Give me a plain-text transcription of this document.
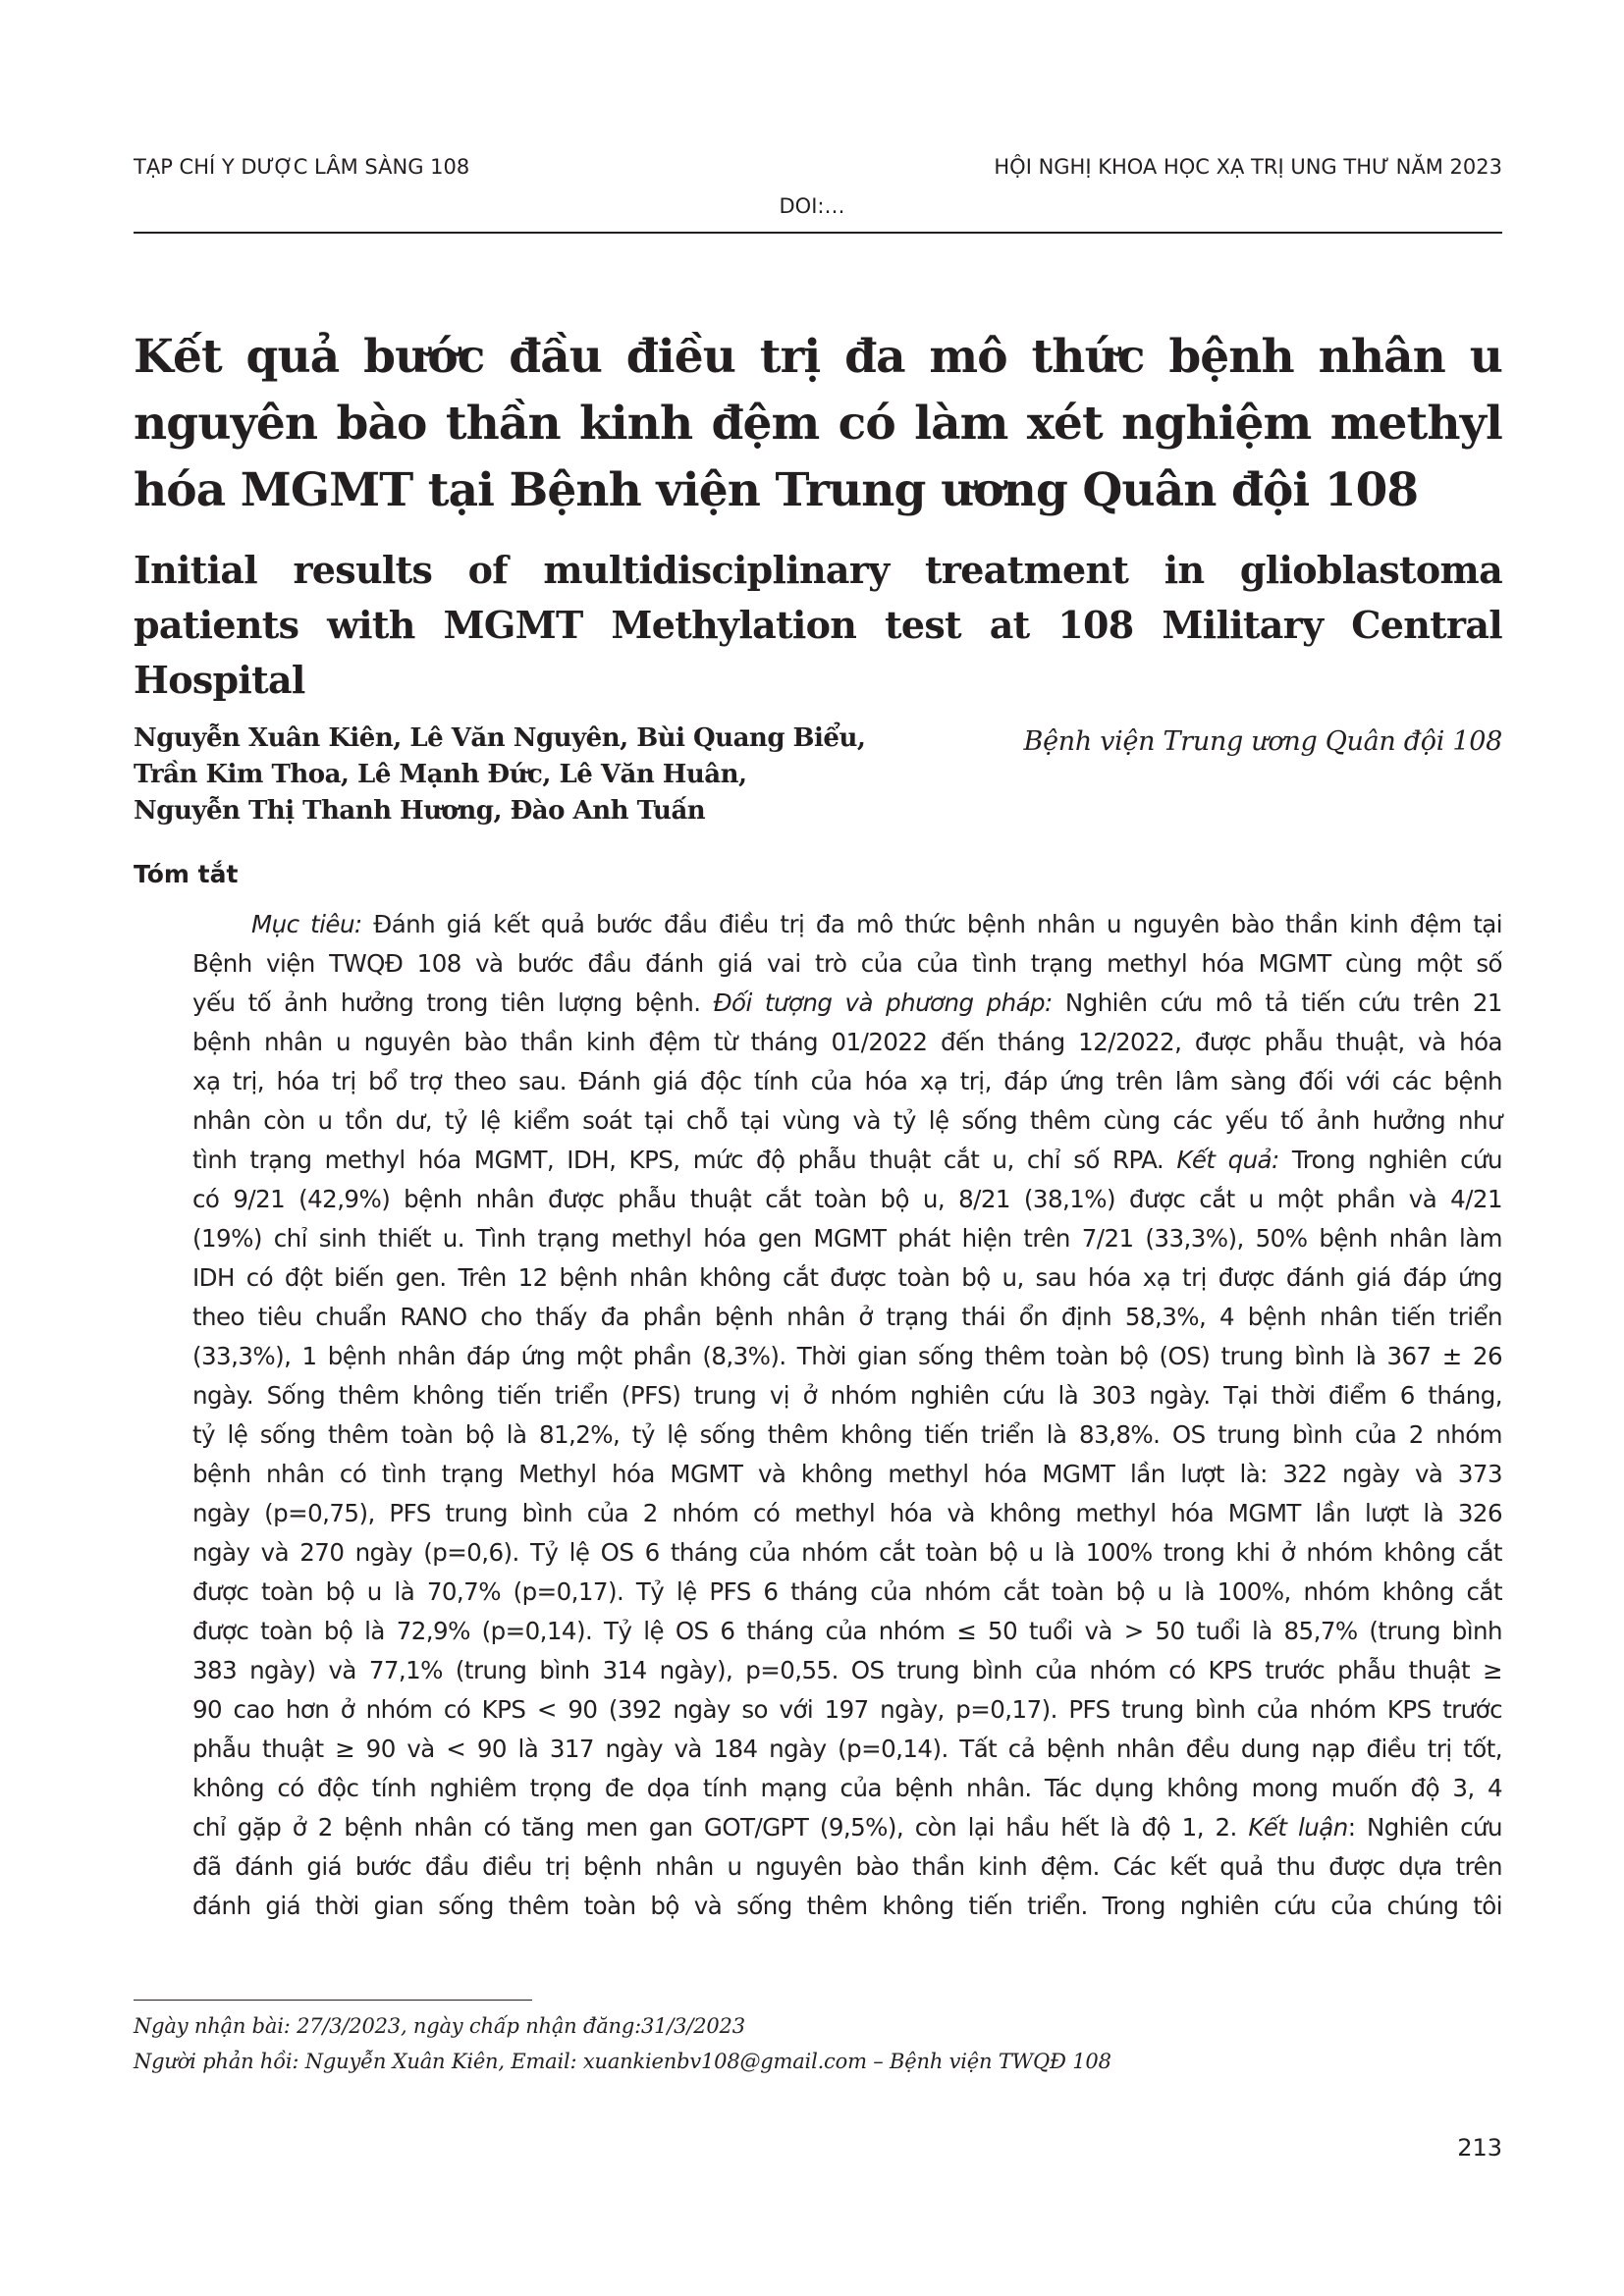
TẠP CHÍ Y DƯỢC LÂM SÀNG 108	HỘI NGHỊ KHOA HỌC XẠ TRỊ UNG THƯ NĂM 2023
DOI:…
Kết quả bước đầu điều trị đa mô thức bệnh nhân u nguyên bào thần kinh đệm có làm xét nghiệm methyl hóa MGMT tại Bệnh viện Trung ương Quân đội 108
Initial results of multidisciplinary treatment in glioblastoma patients with MGMT Methylation test at 108 Military Central Hospital
Nguyễn Xuân Kiên, Lê Văn Nguyên, Bùi Quang Biểu,
Trần Kim Thoa, Lê Mạnh Đức, Lê Văn Huân,
Nguyễn Thị Thanh Hương, Đào Anh Tuấn
Bệnh viện Trung ương Quân đội 108
Tóm tắt
Mục tiêu: Đánh giá kết quả bước đầu điều trị đa mô thức bệnh nhân u nguyên bào thần kinh đệm tại
Bệnh viện TWQĐ 108 và bước đầu đánh giá vai trò của của tình trạng methyl hóa MGMT cùng một số
yếu tố ảnh hưởng trong tiên lượng bệnh. Đối tượng và phương pháp: Nghiên cứu mô tả tiến cứu trên 21
bệnh nhân u nguyên bào thần kinh đệm từ tháng 01/2022 đến tháng 12/2022, được phẫu thuật, và hóa
xạ trị, hóa trị bổ trợ theo sau. Đánh giá độc tính của hóa xạ trị, đáp ứng trên lâm sàng đối với các bệnh
nhân còn u tồn dư, tỷ lệ kiểm soát tại chỗ tại vùng và tỷ lệ sống thêm cùng các yếu tố ảnh hưởng như
tình trạng methyl hóa MGMT, IDH, KPS, mức độ phẫu thuật cắt u, chỉ số RPA. Kết quả: Trong nghiên cứu
có 9/21 (42,9%) bệnh nhân được phẫu thuật cắt toàn bộ u, 8/21 (38,1%) được cắt u một phần và 4/21
(19%) chỉ sinh thiết u. Tình trạng methyl hóa gen MGMT phát hiện trên 7/21 (33,3%), 50% bệnh nhân làm
IDH có đột biến gen. Trên 12 bệnh nhân không cắt được toàn bộ u, sau hóa xạ trị được đánh giá đáp ứng
theo tiêu chuẩn RANO cho thấy đa phần bệnh nhân ở trạng thái ổn định 58,3%, 4 bệnh nhân tiến triển
(33,3%), 1 bệnh nhân đáp ứng một phần (8,3%). Thời gian sống thêm toàn bộ (OS) trung bình là 367 ± 26
ngày. Sống thêm không tiến triển (PFS) trung vị ở nhóm nghiên cứu là 303 ngày. Tại thời điểm 6 tháng,
tỷ lệ sống thêm toàn bộ là 81,2%, tỷ lệ sống thêm không tiến triển là 83,8%. OS trung bình của 2 nhóm
bệnh nhân có tình trạng Methyl hóa MGMT và không methyl hóa MGMT lần lượt là: 322 ngày và 373
ngày (p=0,75), PFS trung bình của 2 nhóm có methyl hóa và không methyl hóa MGMT lần lượt là 326
ngày và 270 ngày (p=0,6). Tỷ lệ OS 6 tháng của nhóm cắt toàn bộ u là 100% trong khi ở nhóm không cắt
được toàn bộ u là 70,7% (p=0,17). Tỷ lệ PFS 6 tháng của nhóm cắt toàn bộ u là 100%, nhóm không cắt
được toàn bộ là 72,9% (p=0,14). Tỷ lệ OS 6 tháng của nhóm ≤ 50 tuổi và > 50 tuổi là 85,7% (trung bình
383 ngày) và 77,1% (trung bình 314 ngày), p=0,55. OS trung bình của nhóm có KPS trước phẫu thuật ≥
90 cao hơn ở nhóm có KPS < 90 (392 ngày so với 197 ngày, p=0,17). PFS trung bình của nhóm KPS trước
phẫu thuật ≥ 90 và < 90 là 317 ngày và 184 ngày (p=0,14). Tất cả bệnh nhân đều dung nạp điều trị tốt,
không có độc tính nghiêm trọng đe dọa tính mạng của bệnh nhân. Tác dụng không mong muốn độ 3, 4
chỉ gặp ở 2 bệnh nhân có tăng men gan GOT/GPT (9,5%), còn lại hầu hết là độ 1, 2. Kết luận: Nghiên cứu
đã đánh giá bước đầu điều trị bệnh nhân u nguyên bào thần kinh đệm. Các kết quả thu được dựa trên
đánh giá thời gian sống thêm toàn bộ và sống thêm không tiến triển. Trong nghiên cứu của chúng tôi
Ngày nhận bài: 27/3/2023, ngày chấp nhận đăng:31/3/2023
Người phản hồi: Nguyễn Xuân Kiên, Email: xuankienbv108@gmail.com – Bệnh viện TWQĐ 108
213
